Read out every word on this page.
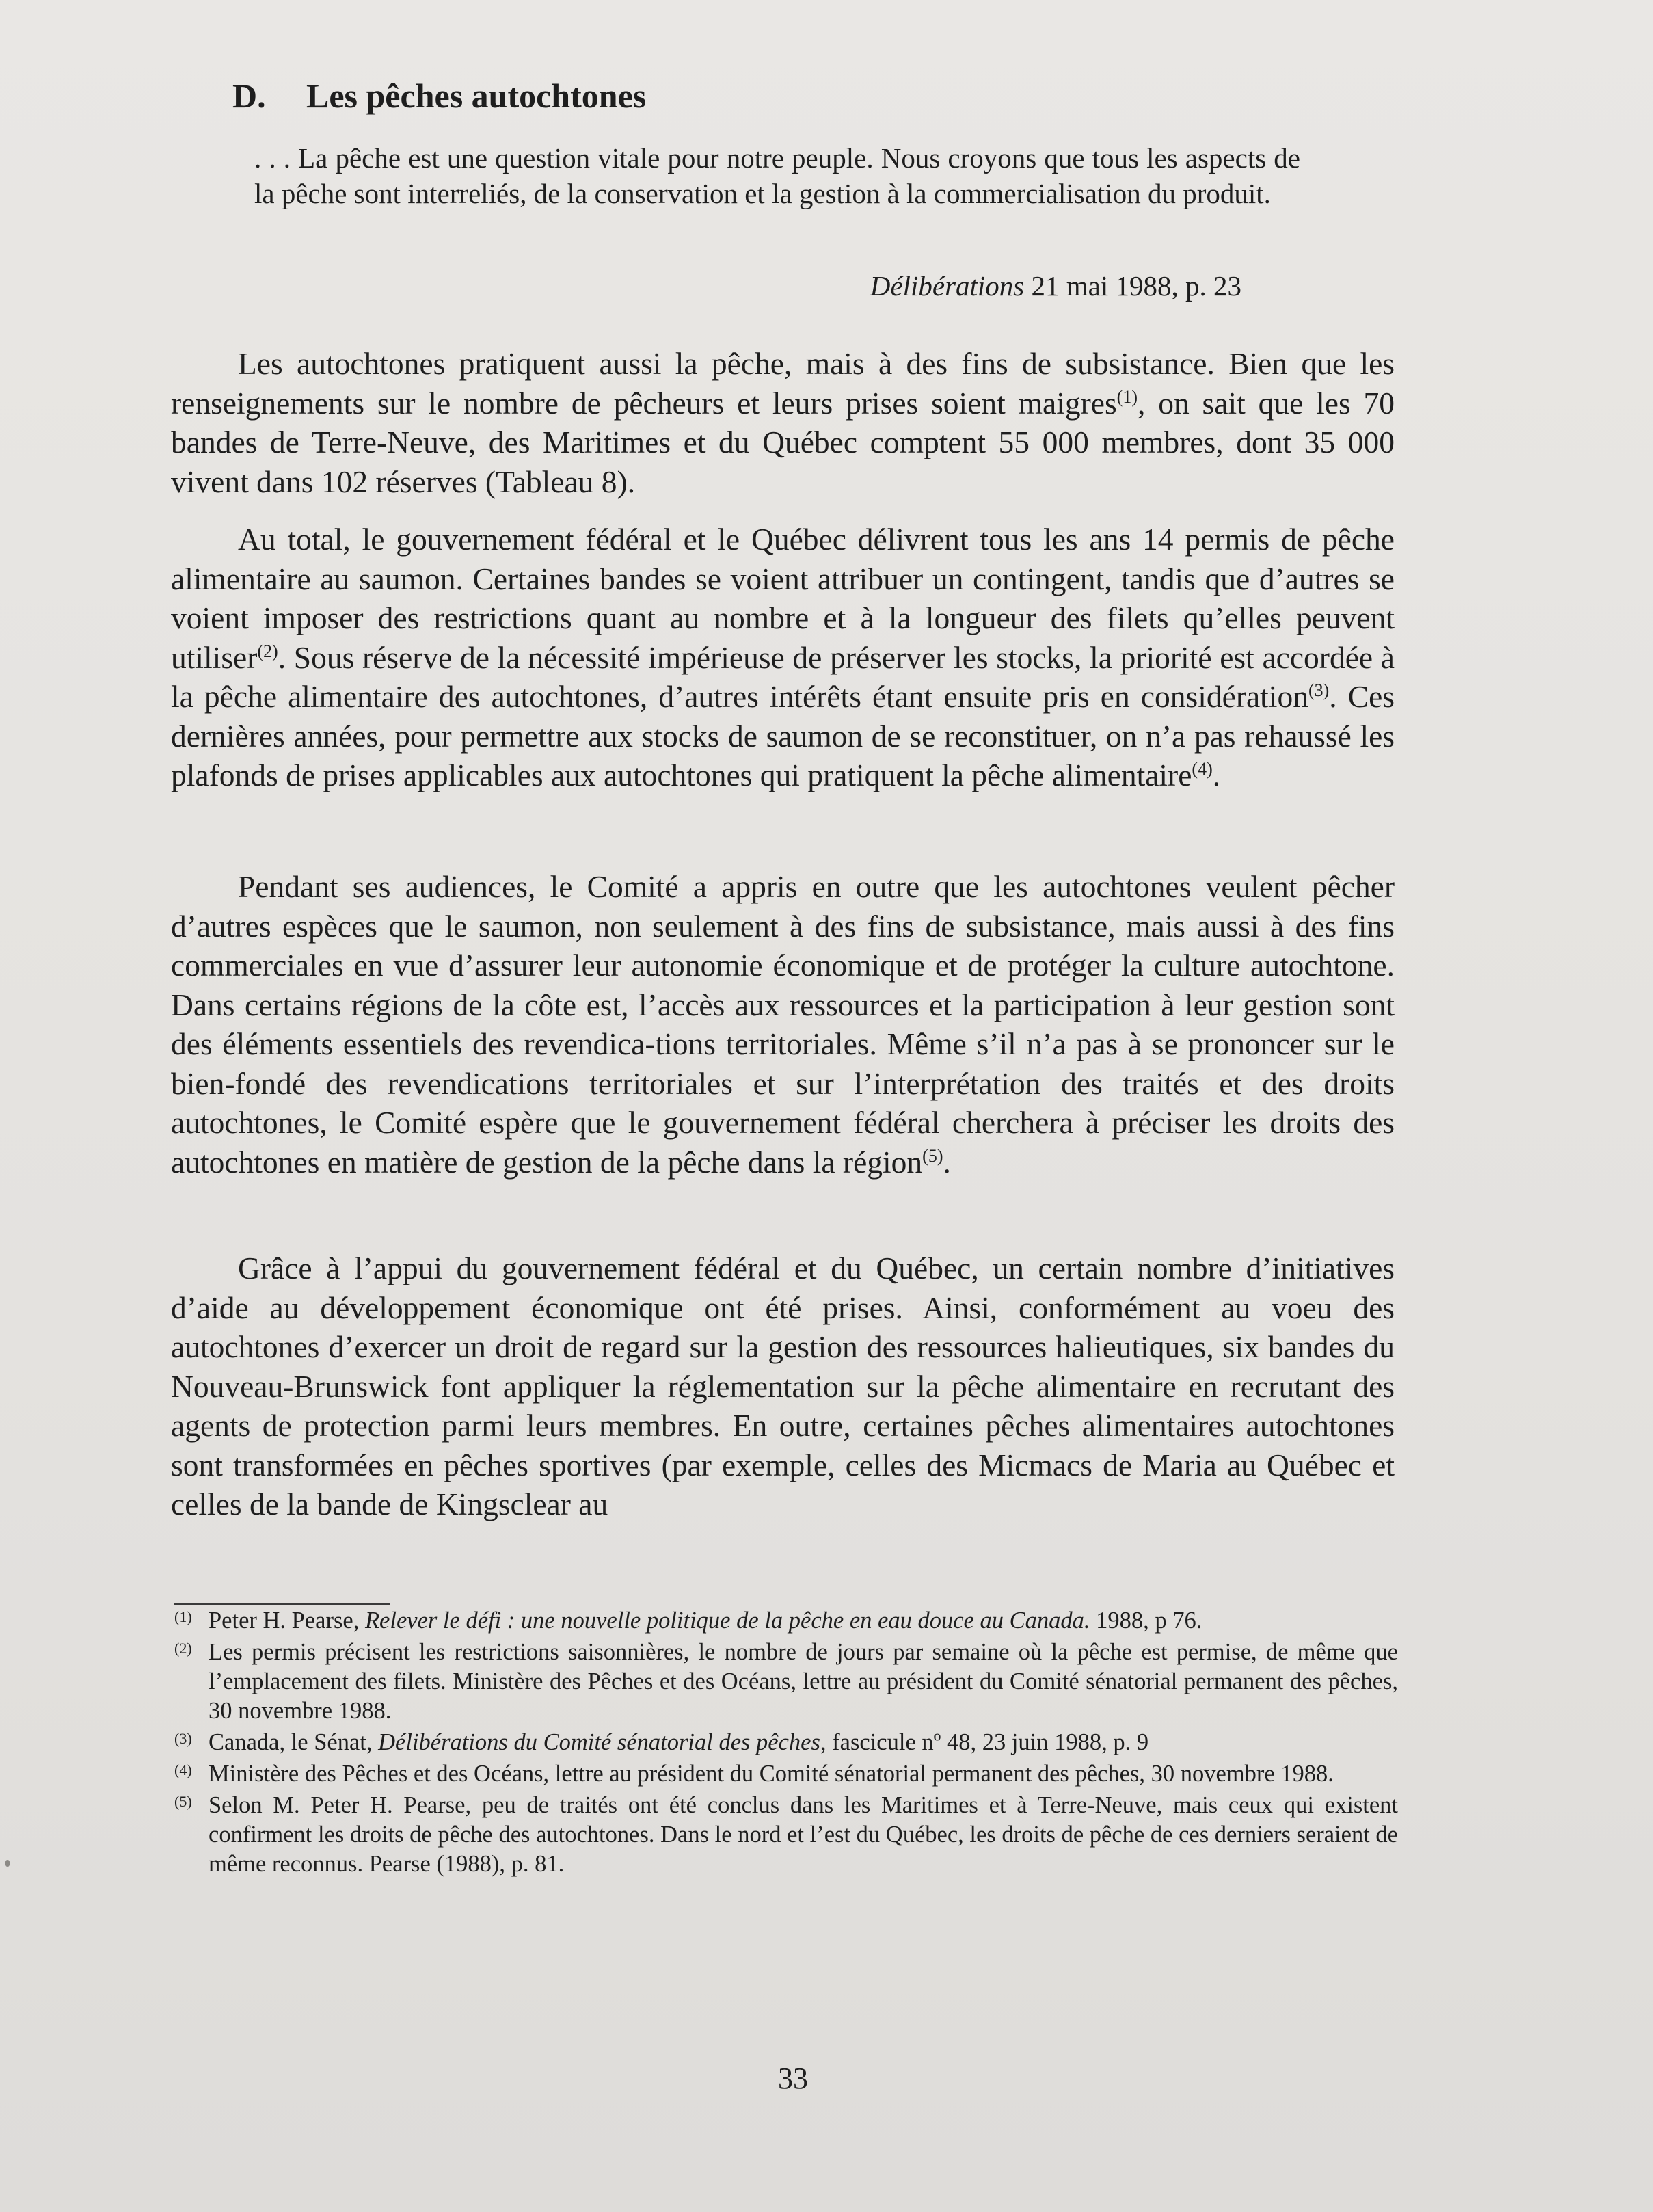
D. Les pêches autochtones
. . . La pêche est une question vitale pour notre peuple. Nous croyons que tous les aspects de la pêche sont interreliés, de la conservation et la gestion à la commercialisation du produit.
Délibérations 21 mai 1988, p. 23

Les autochtones pratiquent aussi la pêche, mais à des fins de subsistance. Bien que les renseignements sur le nombre de pêcheurs et leurs prises soient maigres$^{(1)}$, on sait que les 70 bandes de Terre-Neuve, des Maritimes et du Québec comptent 55 000 membres, dont 35 000 vivent dans 102 réserves (Tableau 8).

Au total, le gouvernement fédéral et le Québec délivrent tous les ans 14 permis de pêche alimentaire au saumon. Certaines bandes se voient attribuer un contingent, tandis que d’autres se voient imposer des restrictions quant au nombre et à la longueur des filets qu’elles peuvent utiliser$^{(2)}$. Sous réserve de la nécessité impérieuse de préserver les stocks, la priorité est accordée à la pêche alimentaire des autochtones, d’autres intérêts étant ensuite pris en considération$^{(3)}$. Ces dernières années, pour permettre aux stocks de saumon de se reconstituer, on n’a pas rehaussé les plafonds de prises applicables aux autochtones qui pratiquent la pêche alimentaire$^{(4)}$.

Pendant ses audiences, le Comité a appris en outre que les autochtones veulent pêcher d’autres espèces que le saumon, non seulement à des fins de subsistance, mais aussi à des fins commerciales en vue d’assurer leur autonomie économique et de protéger la culture autochtone. Dans certains régions de la côte est, l’accès aux ressources et la participation à leur gestion sont des éléments essentiels des revendica-tions territoriales. Même s’il n’a pas à se prononcer sur le bien-fondé des revendications territoriales et sur l’interprétation des traités et des droits autochtones, le Comité espère que le gouvernement fédéral cherchera à préciser les droits des autochtones en matière de gestion de la pêche dans la région$^{(5)}$.

Grâce à l’appui du gouvernement fédéral et du Québec, un certain nombre d’initiatives d’aide au développement économique ont été prises. Ainsi, conformément au voeu des autochtones d’exercer un droit de regard sur la gestion des ressources halieutiques, six bandes du Nouveau-Brunswick font appliquer la réglementation sur la pêche alimentaire en recrutant des agents de protection parmi leurs membres. En outre, certaines pêches alimentaires autochtones sont transformées en pêches sportives (par exemple, celles des Micmacs de Maria au Québec et celles de la bande de Kingsclear au

(1) Peter H. Pearse, Relever le défi : une nouvelle politique de la pêche en eau douce au Canada. 1988, p 76.
(2) Les permis précisent les restrictions saisonnières, le nombre de jours par semaine où la pêche est permise, de même que l’emplacement des filets. Ministère des Pêches et des Océans, lettre au président du Comité sénatorial permanent des pêches, 30 novembre 1988.
(3) Canada, le Sénat, Délibérations du Comité sénatorial des pêches, fascicule nº 48, 23 juin 1988, p. 9
(4) Ministère des Pêches et des Océans, lettre au président du Comité sénatorial permanent des pêches, 30 novembre 1988.
(5) Selon M. Peter H. Pearse, peu de traités ont été conclus dans les Maritimes et à Terre-Neuve, mais ceux qui existent confirment les droits de pêche des autochtones. Dans le nord et l’est du Québec, les droits de pêche de ces derniers seraient de même reconnus. Pearse (1988), p. 81.
33
